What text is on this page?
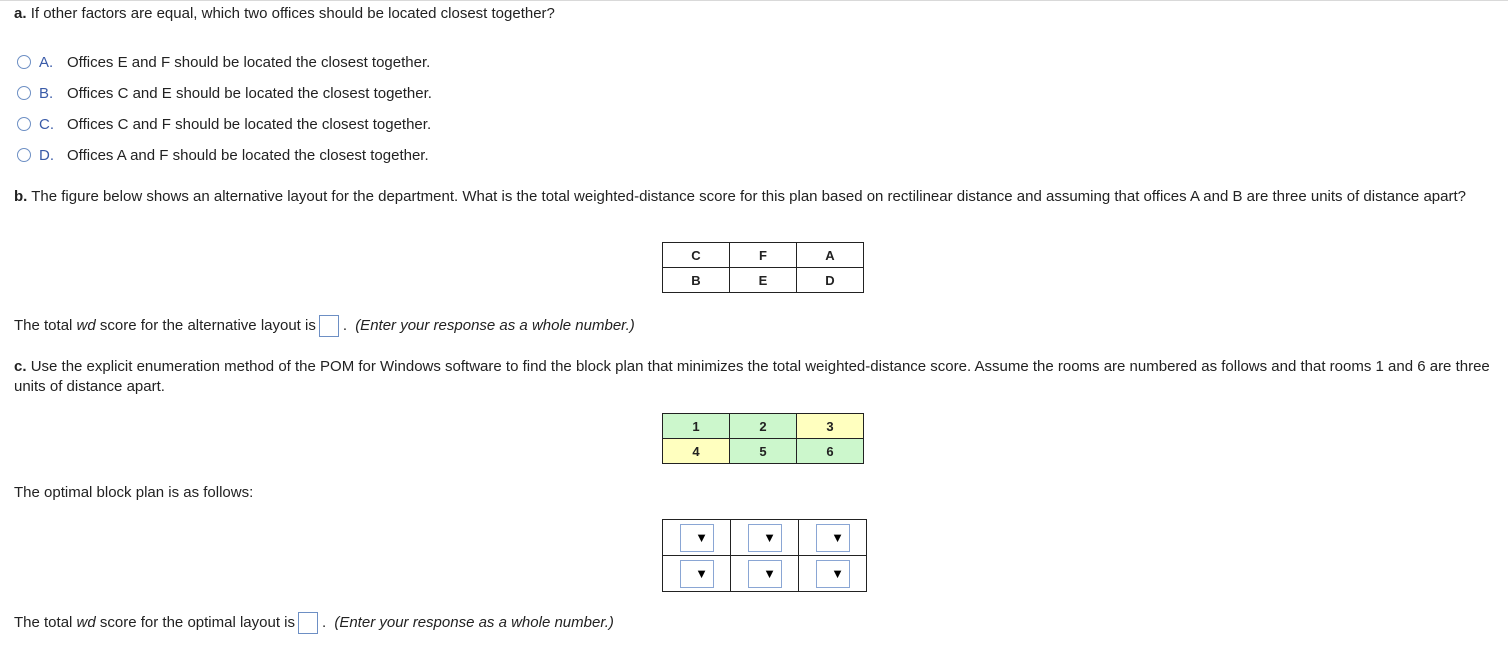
a. If other factors are equal, which two offices should be located closest together?
A. Offices E and F should be located the closest together.
B. Offices C and E should be located the closest together.
C. Offices C and F should be located the closest together.
D. Offices A and F should be located the closest together.
b. The figure below shows an alternative layout for the department. What is the total weighted-distance score for this plan based on rectilinear distance and assuming that offices A and B are three units of distance apart?
C	F	A
B	E	D
The total wd score for the alternative layout is . (Enter your response as a whole number.)
c. Use the explicit enumeration method of the POM for Windows software to find the block plan that minimizes the total weighted-distance score. Assume the rooms are numbered as follows and that rooms 1 and 6 are three units of distance apart.
1	2	3
4	5	6
The optimal block plan is as follows:
▼	▼	▼

▼	▼	▼
The total wd score for the optimal layout is . (Enter your response as a whole number.)
